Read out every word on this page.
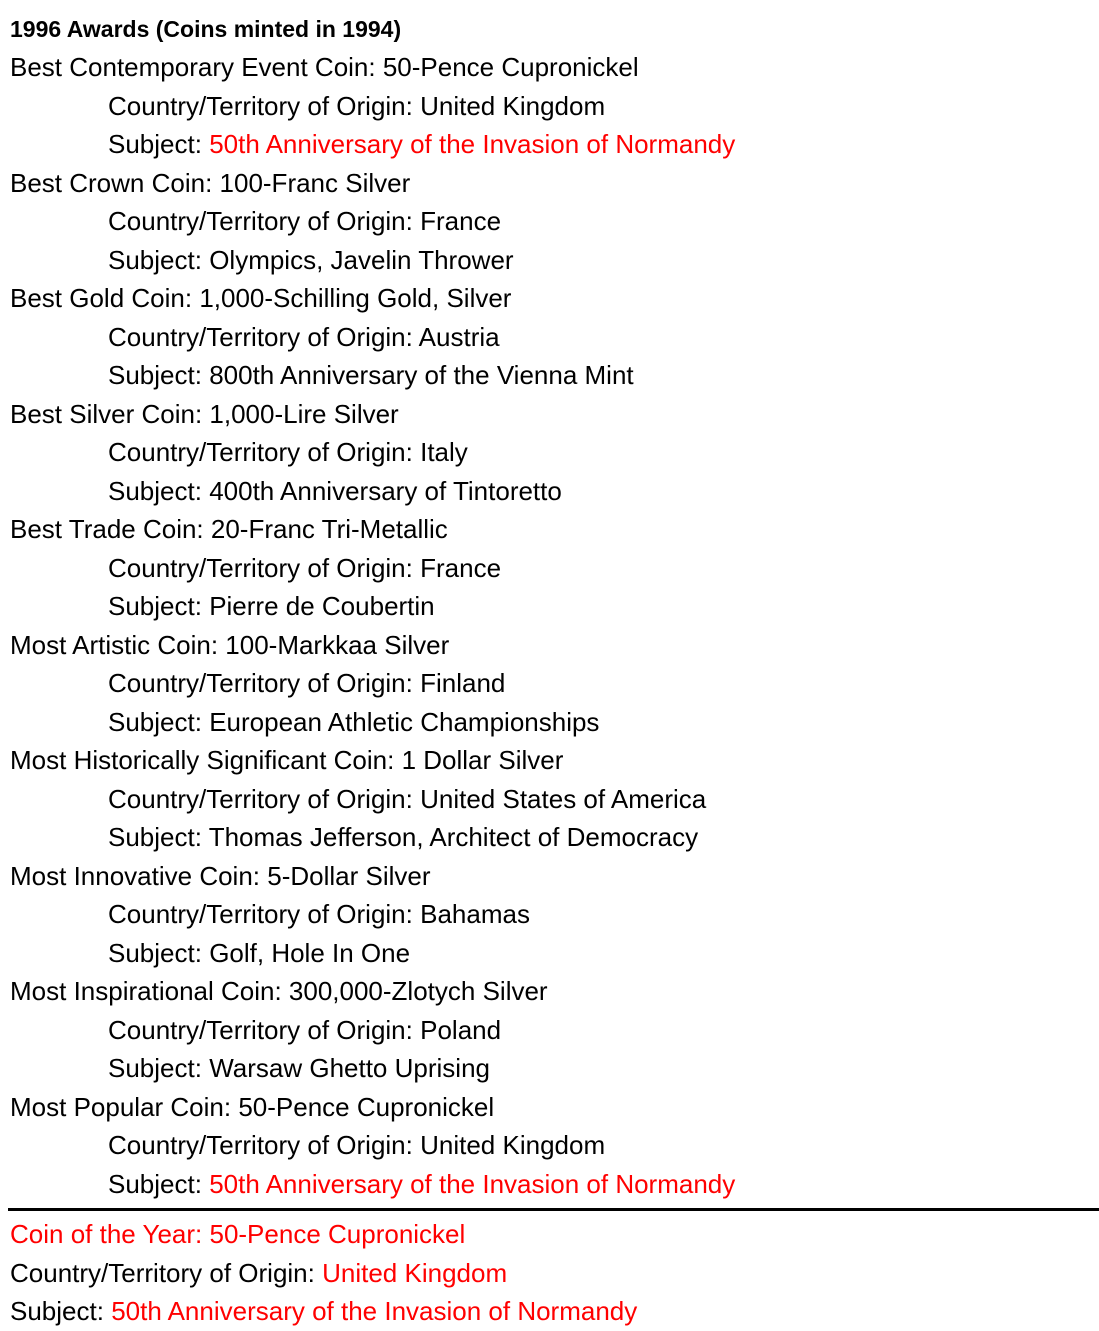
1996 Awards (Coins minted in 1994)
Best Contemporary Event Coin: 50-Pence Cupronickel
Country/Territory of Origin: United Kingdom
Subject: 50th Anniversary of the Invasion of Normandy
Best Crown Coin: 100-Franc Silver
Country/Territory of Origin: France
Subject: Olympics, Javelin Thrower
Best Gold Coin: 1,000-Schilling Gold, Silver
Country/Territory of Origin: Austria
Subject: 800th Anniversary of the Vienna Mint
Best Silver Coin: 1,000-Lire Silver
Country/Territory of Origin: Italy
Subject: 400th Anniversary of Tintoretto
Best Trade Coin: 20-Franc Tri-Metallic
Country/Territory of Origin: France
Subject: Pierre de Coubertin
Most Artistic Coin: 100-Markkaa Silver
Country/Territory of Origin: Finland
Subject: European Athletic Championships
Most Historically Significant Coin: 1 Dollar Silver
Country/Territory of Origin: United States of America
Subject: Thomas Jefferson, Architect of Democracy
Most Innovative Coin: 5-Dollar Silver
Country/Territory of Origin: Bahamas
Subject: Golf, Hole In One
Most Inspirational Coin: 300,000-Zlotych Silver
Country/Territory of Origin: Poland
Subject: Warsaw Ghetto Uprising
Most Popular Coin: 50-Pence Cupronickel
Country/Territory of Origin: United Kingdom
Subject: 50th Anniversary of the Invasion of Normandy
Coin of the Year: 50-Pence Cupronickel
Country/Territory of Origin: United Kingdom
Subject: 50th Anniversary of the Invasion of Normandy
